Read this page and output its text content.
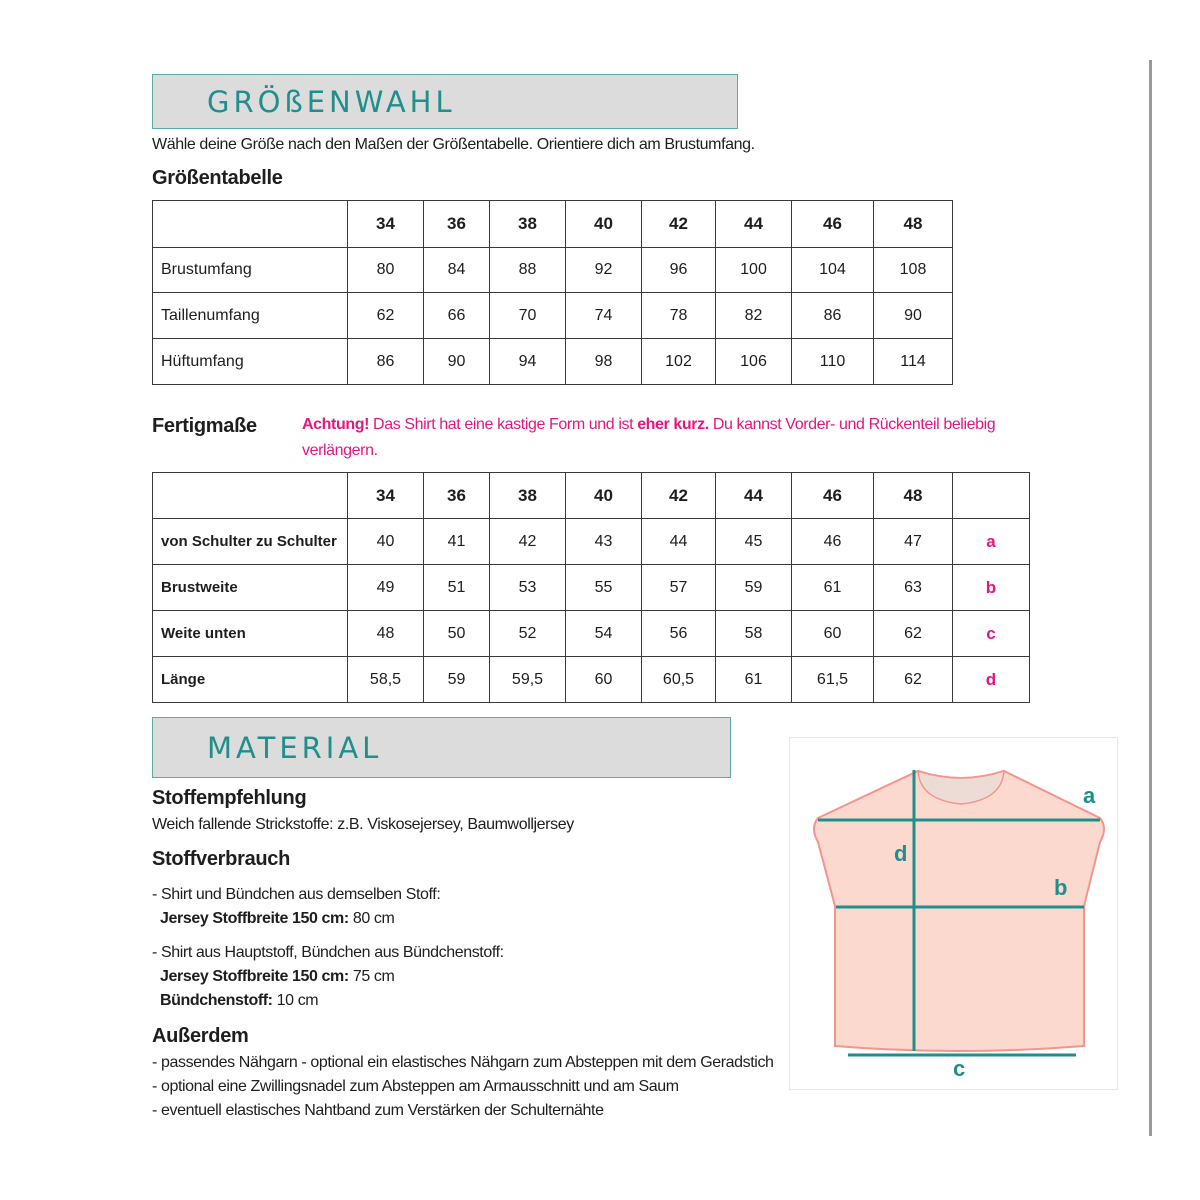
GRÖßENWAHL
Wähle deine Größe nach den Maßen der Größentabelle. Orientiere dich am Brustumfang.
Größentabelle
	34	36	38	40	42	44	46	48
Brustumfang	80	84	88	92	96	100	104	108
Taillenumfang	62	66	70	74	78	82	86	90
Hüftumfang	86	90	94	98	102	106	110	114
Fertigmaße	Achtung! Das Shirt hat eine kastige Form und ist eher kurz. Du kannst Vorder- und Rückenteil beliebig
verlängern.
	34	36	38	40	42	44	46	48	
von Schulter zu Schulter	40	41	42	43	44	45	46	47	a
Brustweite	49	51	53	55	57	59	61	63	b
Weite unten	48	50	52	54	56	58	60	62	c
Länge	58,5	59	59,5	60	60,5	61	61,5	62	d
MATERIAL
Stoffempfehlung
Weich fallende Strickstoffe: z.B. Viskosejersey, Baumwolljersey
Stoffverbrauch
- Shirt und Bündchen aus demselben Stoff:
Jersey Stoffbreite 150 cm: 80 cm
- Shirt aus Hauptstoff, Bündchen aus Bündchenstoff:
Jersey Stoffbreite 150 cm: 75 cm
Bündchenstoff: 10 cm
Außerdem
- passendes Nähgarn - optional ein elastisches Nähgarn zum Absteppen mit dem Geradstich
- optional eine Zwillingsnadel zum Absteppen am Armausschnitt und am Saum
- eventuell elastisches Nahtband zum Verstärken der Schulternähte
a
d
b
c
